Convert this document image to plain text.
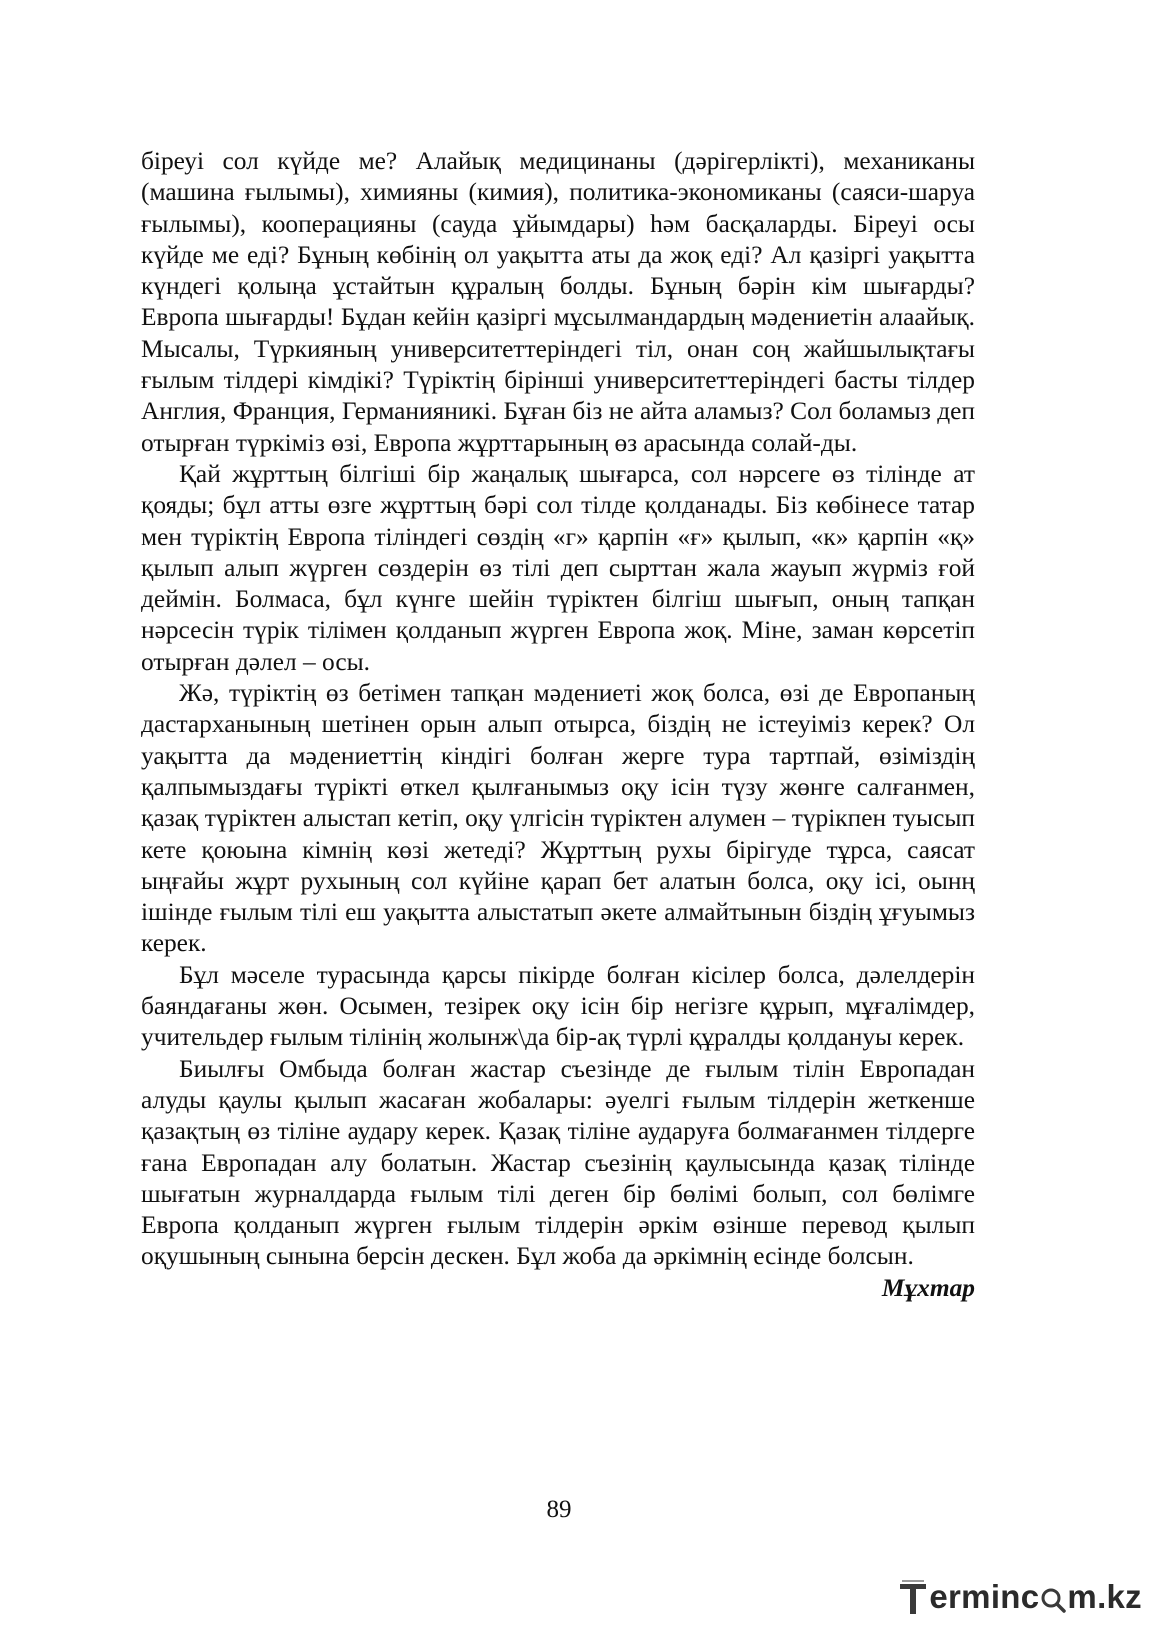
біреуі сол күйде ме? Алайық медицинаны (дәрігерлікті), механиканы (машина ғылымы), химияны (кимия), политика-экономиканы (саяси-шаруа ғылымы), кооперацияны (сауда ұйымдары) һәм басқаларды. Біреуі осы күйде ме еді? Бұның көбінің ол уақытта аты да жоқ еді? Ал қазіргі уақытта күндегі қолыңа ұстайтын құралың болды. Бұның бәрін кім шығарды? Европа шығарды! Бұдан кейін қазіргі мұсылмандардың мәдениетін алаайық. Мысалы, Түркияның университеттеріндегі тіл, онан соң жайшылықтағы ғылым тілдері кімдікі? Түріктің бірінші университеттеріндегі басты тілдер Англия, Франция, Германияникі. Бұған біз не айта аламыз? Сол боламыз деп отырған түркіміз өзі, Европа жұрттарының өз арасында солай-ды.

Қай жұрттың білгіші бір жаңалық шығарса, сол нәрсеге өз тілінде ат қояды; бұл атты өзге жұрттың бәрі сол тілде қолданады. Біз көбінесе татар мен түріктің Европа тіліндегі сөздің «г» қарпін «ғ» қылып, «к» қарпін «қ» қылып алып жүрген сөздерін өз тілі деп сырттан жала жауып жүрміз ғой деймін. Болмаса, бұл күнге шейін түріктен білгіш шығып, оның тапқан нәрсесін түрік тілімен қолданып жүрген Европа жоқ. Міне, заман көрсетіп отырған дәлел – осы.

Жә, түріктің өз бетімен тапқан мәдениеті жоқ болса, өзі де Европаның дастарханының шетінен орын алып отырса, біздің не істеуіміз керек? Ол уақытта да мәдениеттің кіндігі болған жерге тура тартпай, өзіміздің қалпымыздағы түрікті өткел қылғанымыз оқу ісін түзу жөнге салғанмен, қазақ түріктен алыстап кетіп, оқу үлгісін түріктен алумен – түрікпен туысып кете қоюына кімнің көзі жетеді? Жұрттың рухы бірігуде тұрса, саясат ыңғайы жұрт рухының сол күйіне қарап бет алатын болса, оқу ісі, оынң ішінде ғылым тілі еш уақытта алыстатып әкете алмайтынын біздің ұғуымыз керек.

Бұл мәселе турасында қарсы пікірде болған кісілер болса, дәлелдерін баяндағаны жөн. Осымен, тезірек оқу ісін бір негізге құрып, мұғалімдер, учительдер ғылым тілінің жолынж\да бір-ақ түрлі құралды қолдануы керек.

Биылғы Омбыда болған жастар съезінде де ғылым тілін Европадан алуды қаулы қылып жасаған жобалары: әуелгі ғылым тілдерін жеткенше қазақтың өз тіліне аудару керек. Қазақ тіліне аударуға болмағанмен тілдерге ғана Европадан алу болатын. Жастар съезінің қаулысында қазақ тілінде шығатын журналдарда ғылым тілі деген бір бөлімі болып, сол бөлімге Европа қолданып жүрген ғылым тілдерін әркім өзінше перевод қылып оқушының сынына берсін дескен. Бұл жоба да әркімнің есінде болсын.

Мұхтар

89
erminc m.kz
